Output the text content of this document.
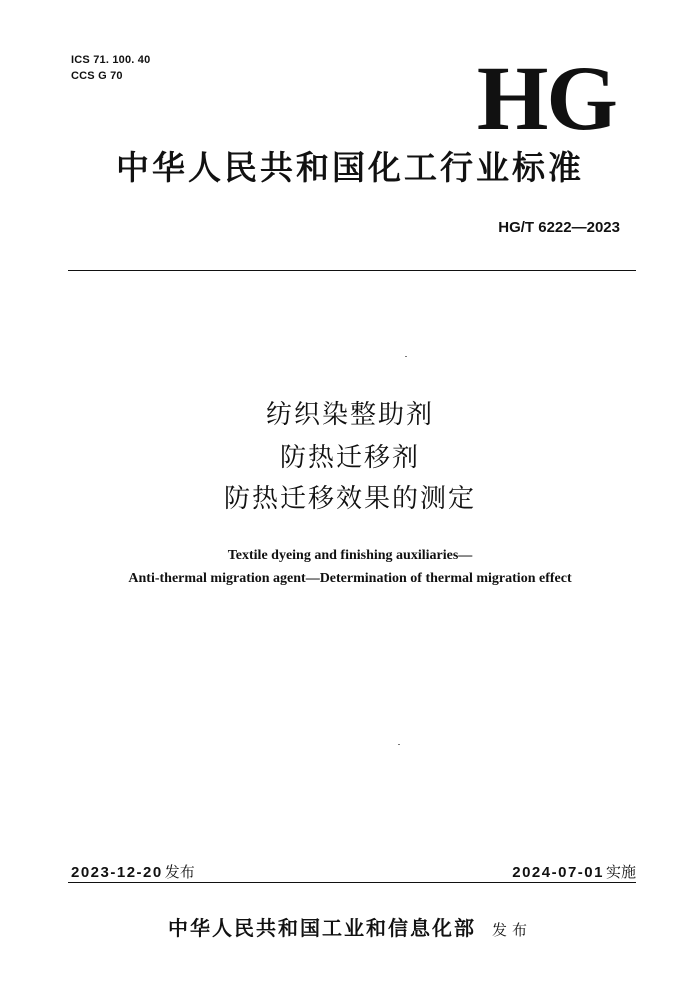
ICS 71. 100. 40
CCS G 70	HG
中华人民共和国化工行业标准
HG/T 6222—2023
纺织染整助剂
防热迁移剂
防热迁移效果的测定
Textile dyeing and finishing auxiliaries—
Anti-thermal migration agent—Determination of thermal migration effect
2023-12-20 发布	2024-07-01 实施
中华人民共和国工业和信息化部 发布
